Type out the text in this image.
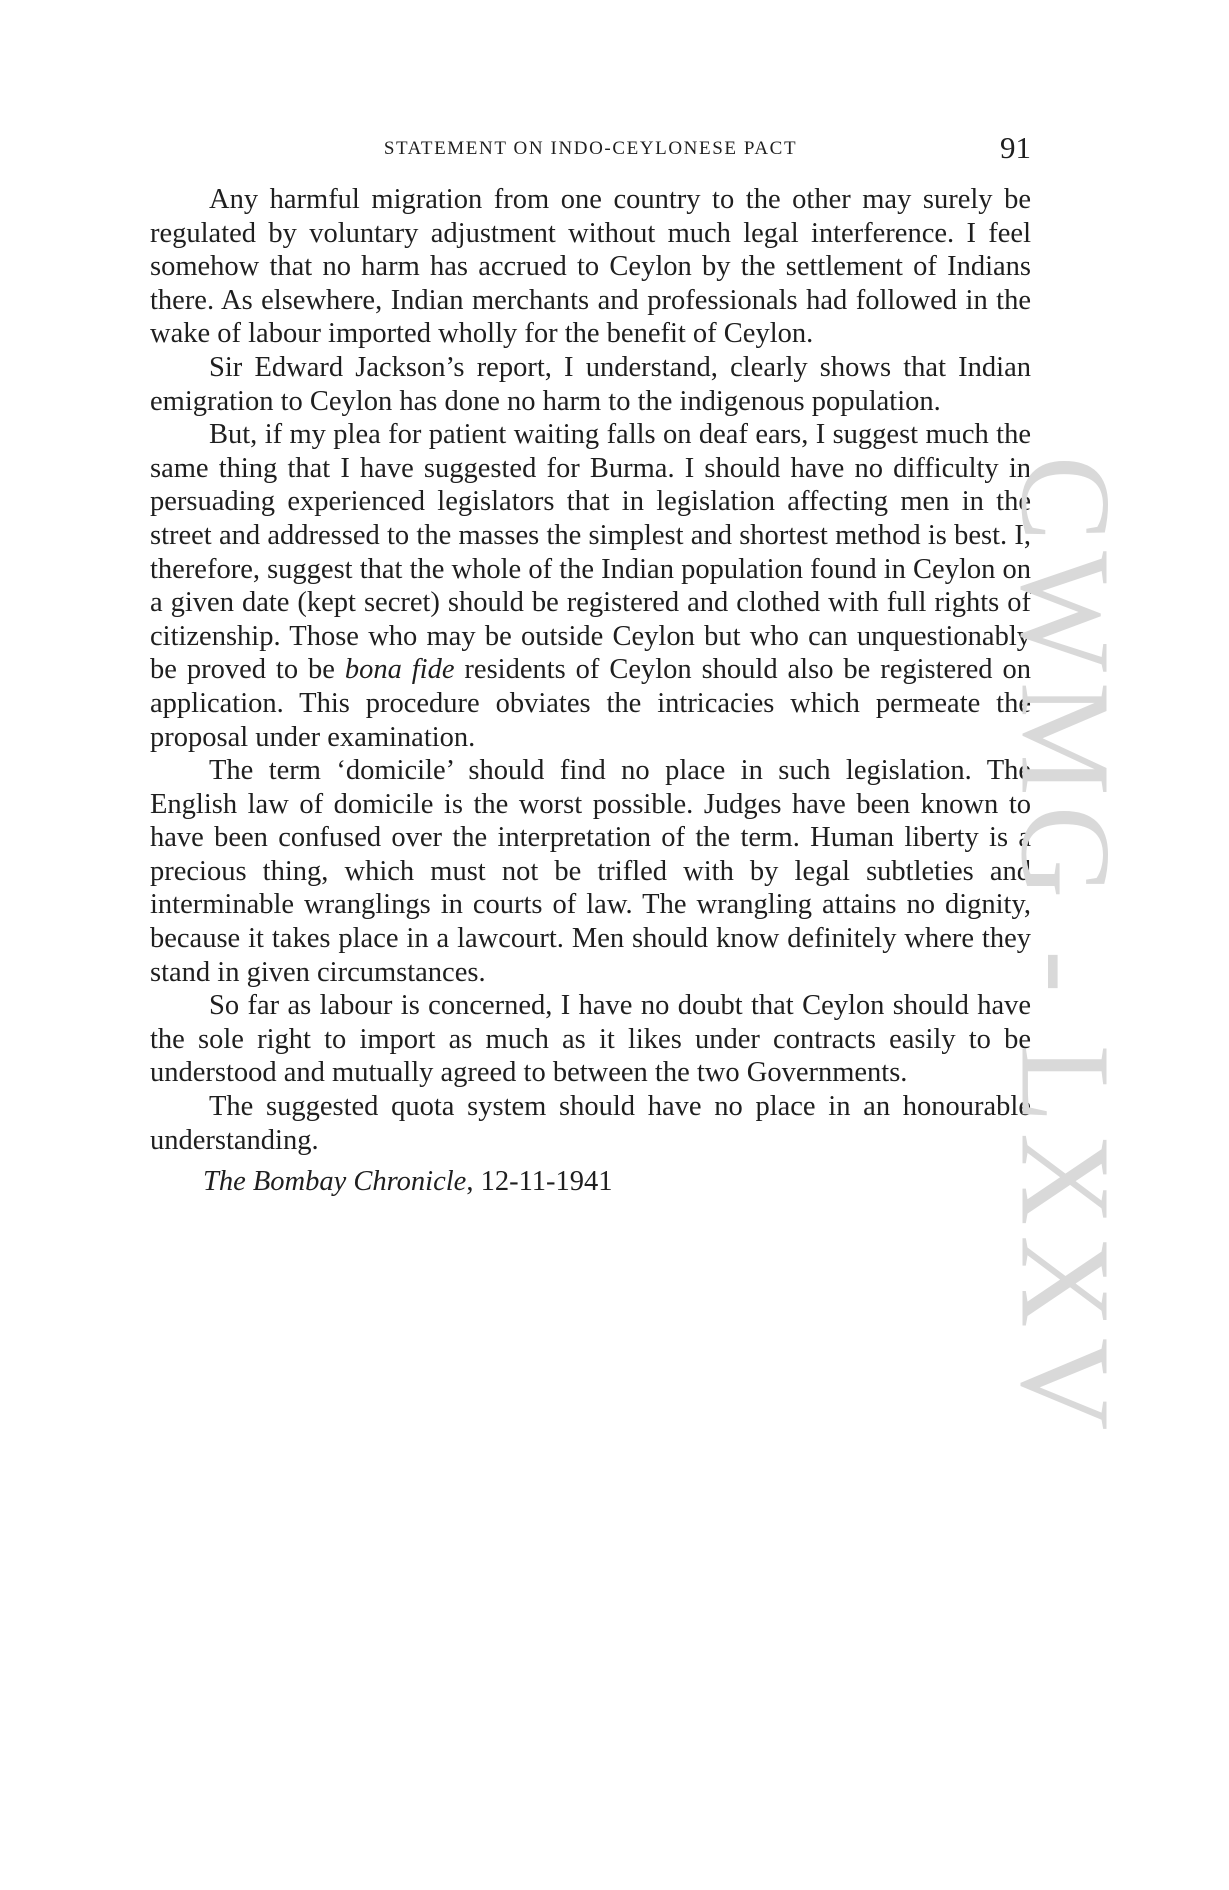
STATEMENT ON INDO-CEYLONESE PACT	91

Any harmful migration from one country to the other may surely be regulated by voluntary adjustment without much legal interference. I feel somehow that no harm has accrued to Ceylon by the settlement of Indians there. As elsewhere, Indian merchants and professionals had followed in the wake of labour imported wholly for the benefit of Ceylon.

Sir Edward Jackson’s report, I understand, clearly shows that Indian emigration to Ceylon has done no harm to the indigenous population.

But, if my plea for patient waiting falls on deaf ears, I suggest much the same thing that I have suggested for Burma. I should have no difficulty in persuading experienced legislators that in legislation affecting men in the street and addressed to the masses the simplest and shortest method is best. I, therefore, suggest that the whole of the Indian population found in Ceylon on a given date (kept secret) should be registered and clothed with full rights of citizenship. Those who may be outside Ceylon but who can unquestionably be proved to be bona fide residents of Ceylon should also be registered on application. This procedure obviates the intricacies which permeate the proposal under examination.

The term ‘domicile’ should find no place in such legislation. The English law of domicile is the worst possible. Judges have been known to have been confused over the interpretation of the term. Human liberty is a precious thing, which must not be trifled with by legal subtleties and interminable wranglings in courts of law. The wrangling attains no dignity, because it takes place in a lawcourt. Men should know definitely where they stand in given circumstances.

So far as labour is concerned, I have no doubt that Ceylon should have the sole right to import as much as it likes under contracts easily to be understood and mutually agreed to between the two Governments.

The suggested quota system should have no place in an honourable understanding.

The Bombay Chronicle, 12-11-1941	CWMG - LXXV
